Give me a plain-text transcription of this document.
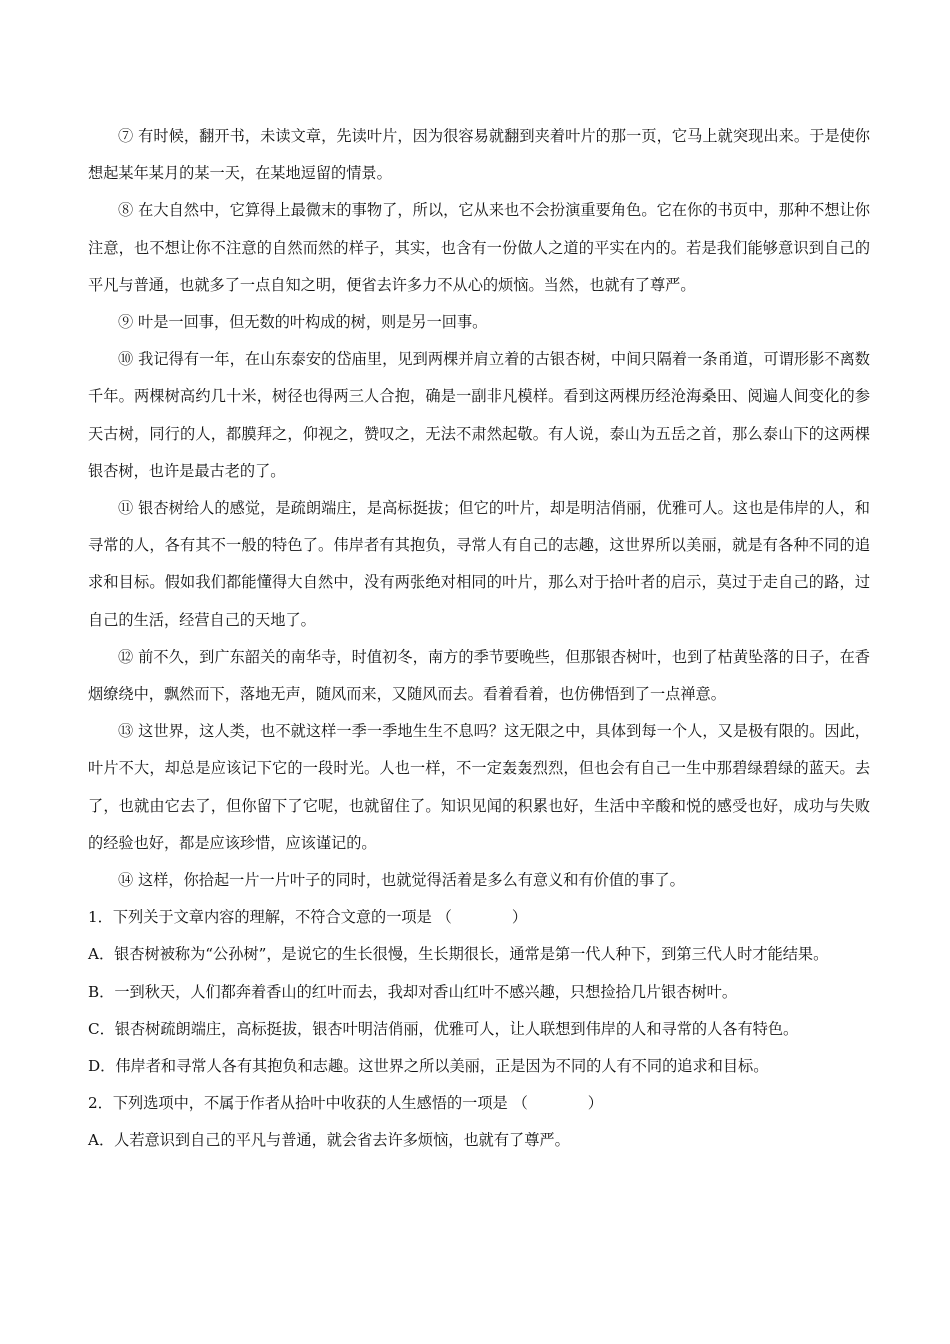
⑦ 有时候，翻开书，未读文章，先读叶片，因为很容易就翻到夹着叶片的那一页，它马上就突现出来。于是使你想起某年某月的某一天，在某地逗留的情景。

⑧ 在大自然中，它算得上最微末的事物了，所以，它从来也不会扮演重要角色。它在你的书页中，那种不想让你注意，也不想让你不注意的自然而然的样子，其实，也含有一份做人之道的平实在内的。若是我们能够意识到自己的平凡与普通，也就多了一点自知之明，便省去许多力不从心的烦恼。当然，也就有了尊严。

⑨ 叶是一回事，但无数的叶构成的树，则是另一回事。

⑩ 我记得有一年，在山东泰安的岱庙里，见到两棵并肩立着的古银杏树，中间只隔着一条甬道，可谓形影不离数千年。两棵树高约几十米，树径也得两三人合抱，确是一副非凡模样。看到这两棵历经沧海桑田、阅遍人间变化的参天古树，同行的人，都膜拜之，仰视之，赞叹之，无法不肃然起敬。有人说，泰山为五岳之首，那么泰山下的这两棵银杏树，也许是最古老的了。

⑪ 银杏树给人的感觉，是疏朗端庄，是高标挺拔；但它的叶片，却是明洁俏丽，优雅可人。这也是伟岸的人，和寻常的人，各有其不一般的特色了。伟岸者有其抱负，寻常人有自己的志趣，这世界所以美丽，就是有各种不同的追求和目标。假如我们都能懂得大自然中，没有两张绝对相同的叶片，那么对于拾叶者的启示，莫过于走自己的路，过自己的生活，经营自己的天地了。

⑫ 前不久，到广东韶关的南华寺，时值初冬，南方的季节要晚些，但那银杏树叶，也到了枯黄坠落的日子，在香烟缭绕中，飘然而下，落地无声，随风而来，又随风而去。看着看着，也仿佛悟到了一点禅意。

⑬ 这世界，这人类，也不就这样一季一季地生生不息吗？这无限之中，具体到每一个人，又是极有限的。因此，叶片不大，却总是应该记下它的一段时光。人也一样，不一定轰轰烈烈，但也会有自己一生中那碧绿碧绿的蓝天。去了，也就由它去了，但你留下了它呢，也就留住了。知识见闻的积累也好，生活中辛酸和悦的感受也好，成功与失败的经验也好，都是应该珍惜，应该谨记的。

⑭ 这样，你拾起一片一片叶子的同时，也就觉得活着是多么有意义和有价值的事了。

1．下列关于文章内容的理解，不符合文意的一项是 （	）

A．银杏树被称为“公孙树”，是说它的生长很慢，生长期很长，通常是第一代人种下，到第三代人时才能结果。

B．一到秋天，人们都奔着香山的红叶而去，我却对香山红叶不感兴趣，只想捡拾几片银杏树叶。

C．银杏树疏朗端庄，高标挺拔，银杏叶明洁俏丽，优雅可人，让人联想到伟岸的人和寻常的人各有特色。

D．伟岸者和寻常人各有其抱负和志趣。这世界之所以美丽，正是因为不同的人有不同的追求和目标。

2．下列选项中，不属于作者从拾叶中收获的人生感悟的一项是 （	）

A．人若意识到自己的平凡与普通，就会省去许多烦恼，也就有了尊严。
